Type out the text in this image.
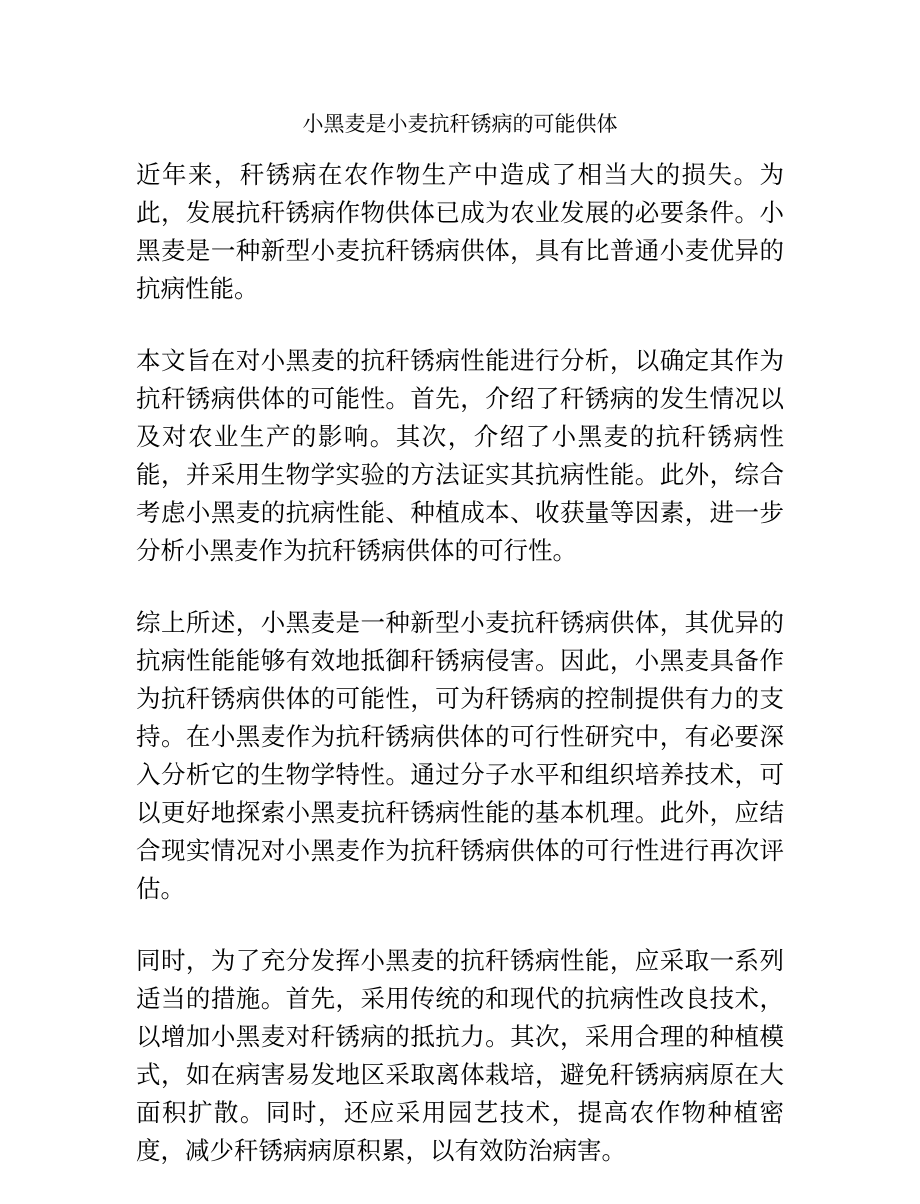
小黑麦是小麦抗秆锈病的可能供体

近年来，秆锈病在农作物生产中造成了相当大的损失。为此，发展抗秆锈病作物供体已成为农业发展的必要条件。小黑麦是一种新型小麦抗秆锈病供体，具有比普通小麦优异的抗病性能。

本文旨在对小黑麦的抗秆锈病性能进行分析，以确定其作为抗秆锈病供体的可能性。首先，介绍了秆锈病的发生情况以及对农业生产的影响。其次，介绍了小黑麦的抗秆锈病性能，并采用生物学实验的方法证实其抗病性能。此外，综合考虑小黑麦的抗病性能、种植成本、收获量等因素，进一步分析小黑麦作为抗秆锈病供体的可行性。

综上所述，小黑麦是一种新型小麦抗秆锈病供体，其优异的抗病性能能够有效地抵御秆锈病侵害。因此，小黑麦具备作为抗秆锈病供体的可能性，可为秆锈病的控制提供有力的支持。在小黑麦作为抗秆锈病供体的可行性研究中，有必要深入分析它的生物学特性。通过分子水平和组织培养技术，可以更好地探索小黑麦抗秆锈病性能的基本机理。此外，应结合现实情况对小黑麦作为抗秆锈病供体的可行性进行再次评估。

同时，为了充分发挥小黑麦的抗秆锈病性能，应采取一系列适当的措施。首先，采用传统的和现代的抗病性改良技术，以增加小黑麦对秆锈病的抵抗力。其次，采用合理的种植模式，如在病害易发地区采取离体栽培，避免秆锈病病原在大面积扩散。同时，还应采用园艺技术，提高农作物种植密度，减少秆锈病病原积累，以有效防治病害。
